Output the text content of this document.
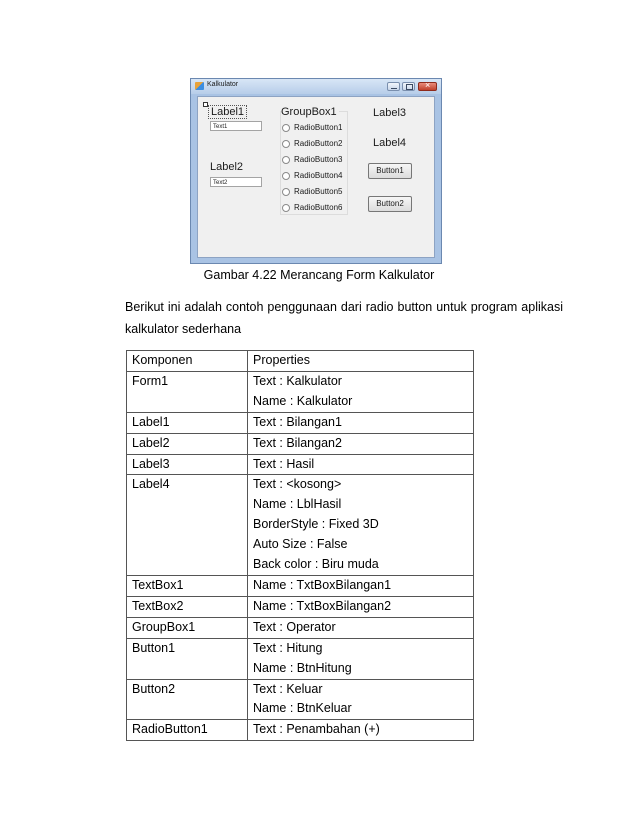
Kalkulator
×
Label1
Text1
Label2
Text2
GroupBox1
RadioButton1
RadioButton2
RadioButton3
RadioButton4
RadioButton5
RadioButton6
Label3
Label4
Button1
Button2
Gambar 4.22 Merancang Form Kalkulator
Berikut ini adalah contoh penggunaan dari radio button untuk program aplikasi
kalkulator sederhana
Komponen	Properties
Form1	Text : Kalkulator
Name : Kalkulator

Label1	Text : Bilangan1

Label2	Text : Bilangan2

Label3	Text : Hasil

Label4	Text : <kosong>
Name : LblHasil
BorderStyle : Fixed 3D
Auto Size : False
Back color : Biru muda

TextBox1	Name : TxtBoxBilangan1

TextBox2	Name : TxtBoxBilangan2

GroupBox1	Text : Operator

Button1	Text : Hitung
Name : BtnHitung

Button2	Text : Keluar
Name : BtnKeluar

RadioButton1	Text : Penambahan (+)
